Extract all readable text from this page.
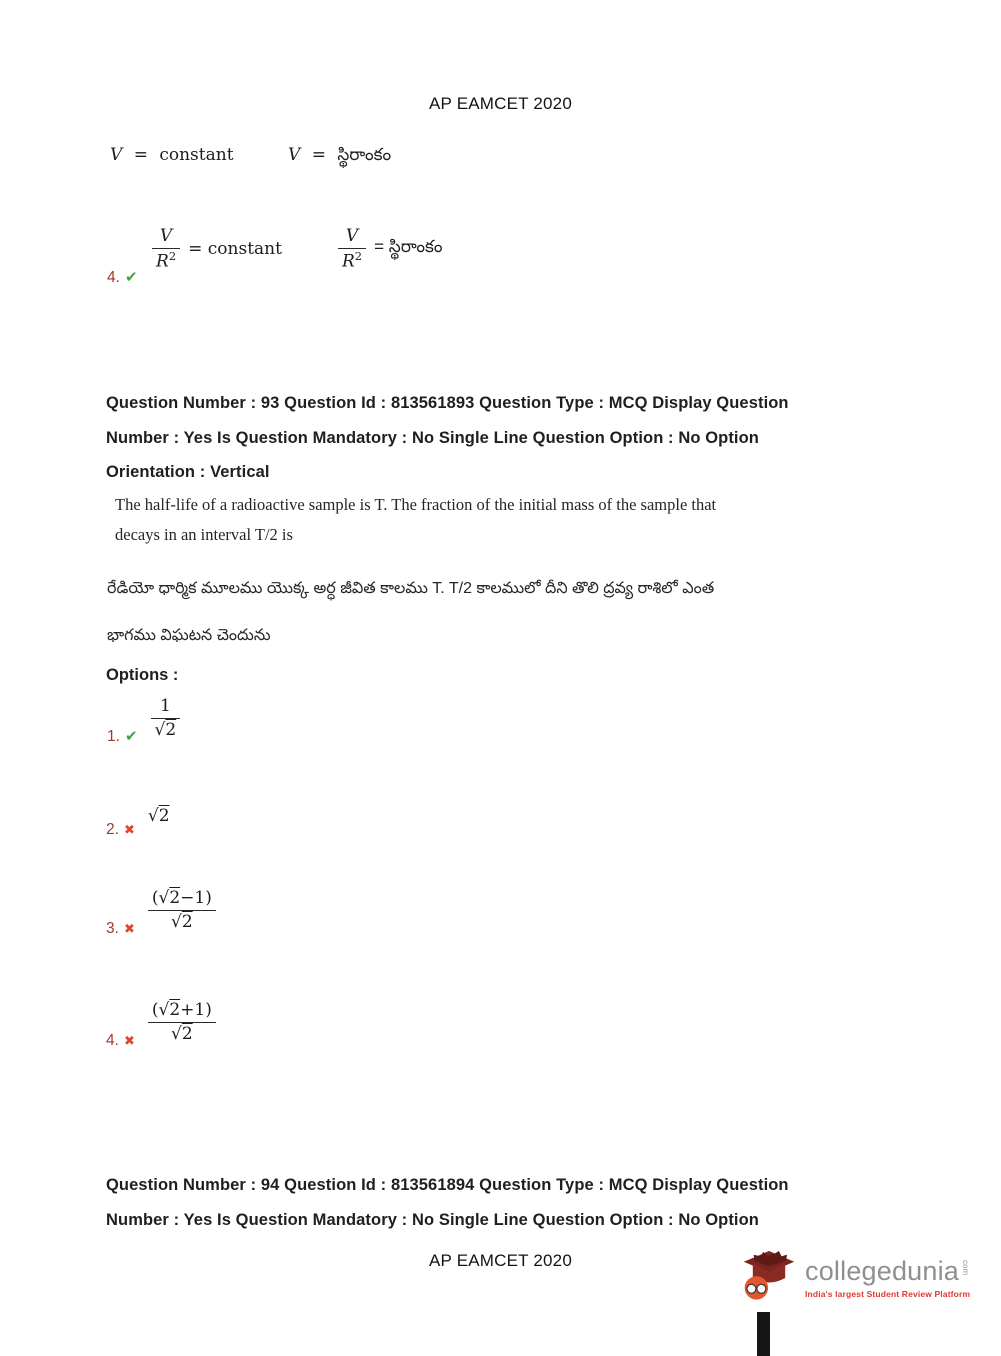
AP EAMCET 2020
V = constant	V = స్థిరాంకం
4. ✔
$\frac{V}{R^2}$ = constant	$\frac{V}{R^2}$ = స్థిరాంకం
Question Number : 93 Question Id : 813561893 Question Type : MCQ Display Question
Number : Yes Is Question Mandatory : No Single Line Question Option : No Option
Orientation : Vertical
The half-life of a radioactive sample is T. The fraction of the initial mass of the sample that
decays in an interval T/2 is
రేడియో ధార్మిక మూలము యొక్క అర్ధ జీవిత కాలము T. T/2 కాలములో దీని తొలి ద్రవ్య రాశిలో ఎంత
భాగము విఘటన చెందును
Options :
1. ✔ $\frac{1}{√2}$
2. ✖
√2
3. ✖ $\frac{(√2-1)}{√2}$
4. ✖ $\frac{(√2+1)}{√2}$
Question Number : 94 Question Id : 813561894 Question Type : MCQ Display Question
Number : Yes Is Question Mandatory : No Single Line Question Option : No Option
AP EAMCET 2020	collegedunia com
India's largest Student Review Platform
